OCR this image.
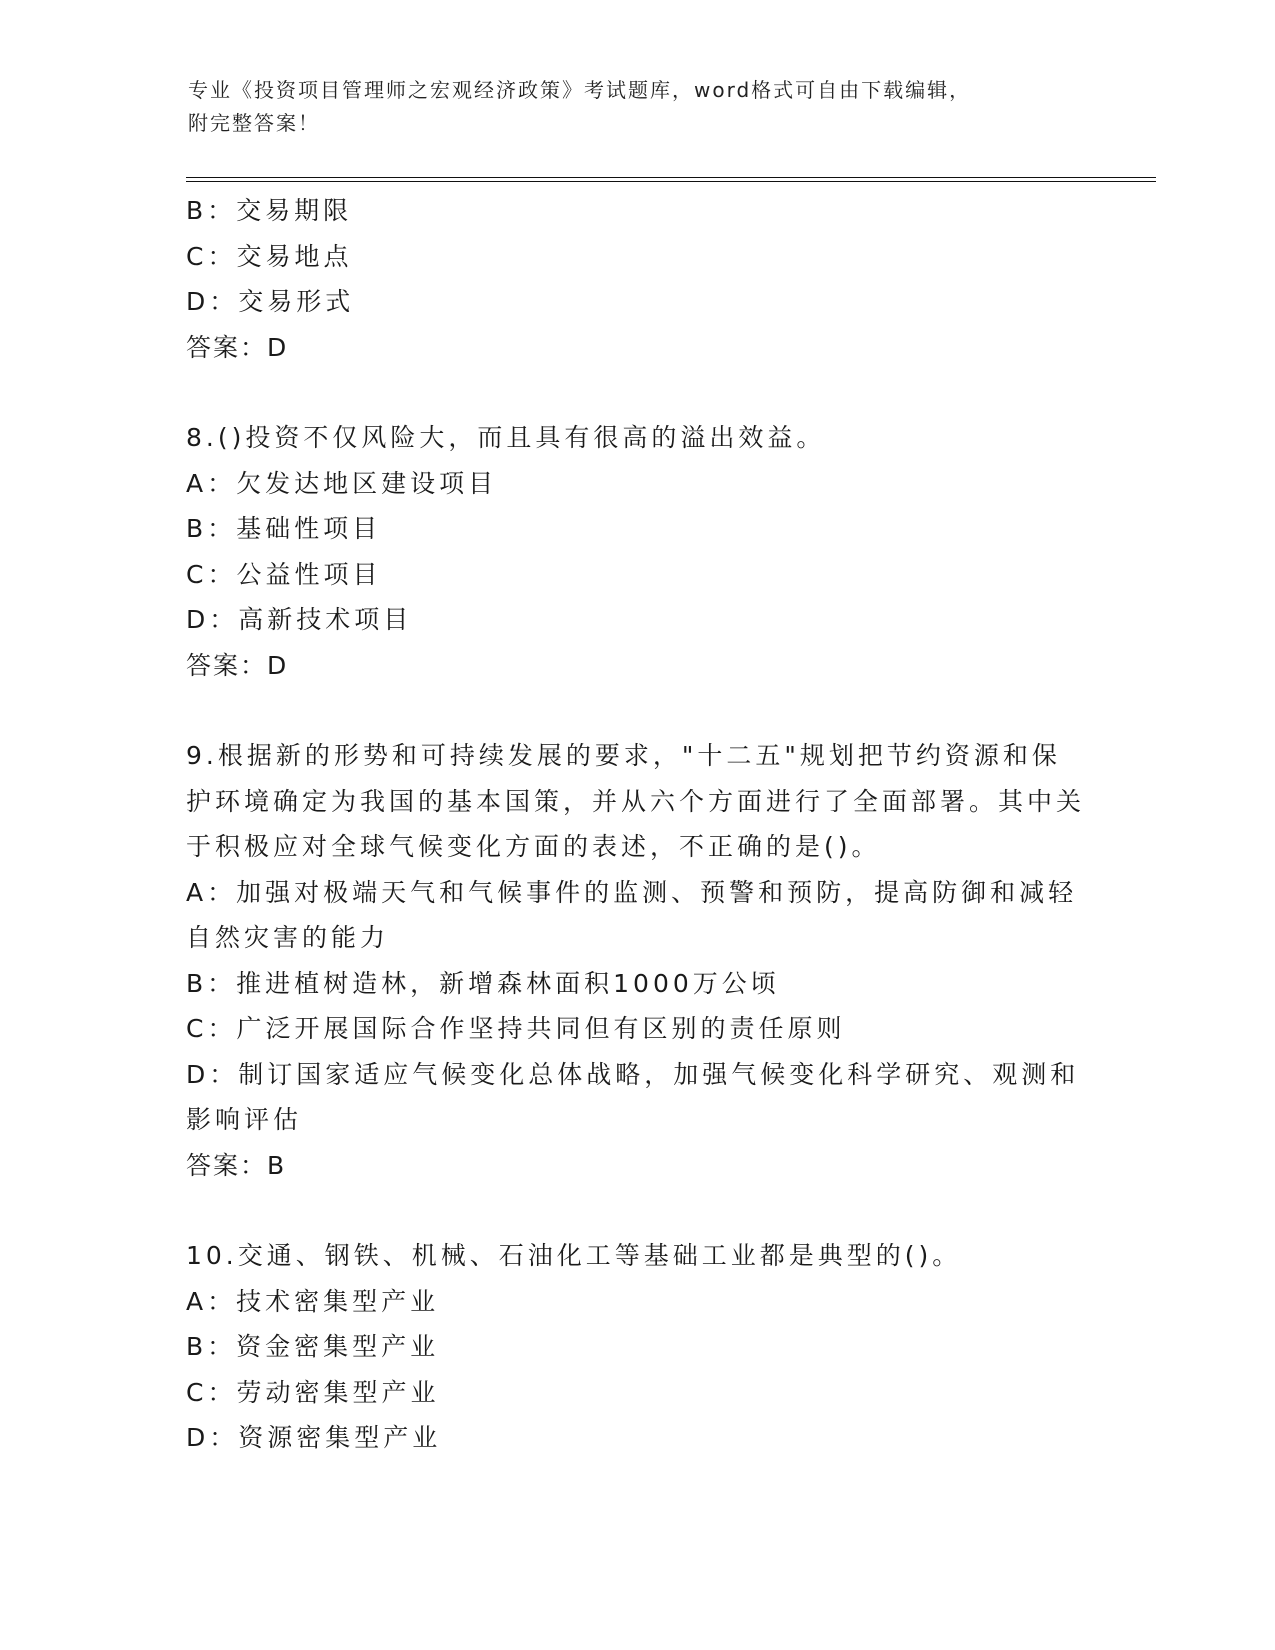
专业《投资项目管理师之宏观经济政策》考试题库，word格式可自由下载编辑，
附完整答案！

B：交易期限

C：交易地点

D：交易形式

答案：D

8.()投资不仅风险大，而且具有很高的溢出效益。

A：欠发达地区建设项目

B：基础性项目

C：公益性项目

D：高新技术项目

答案：D

9.根据新的形势和可持续发展的要求，"十二五"规划把节约资源和保护环境确定为我国的基本国策，并从六个方面进行了全面部署。其中关于积极应对全球气候变化方面的表述，不正确的是()。

A：加强对极端天气和气候事件的监测、预警和预防，提高防御和减轻自然灾害的能力

B：推进植树造林，新增森林面积1000万公顷

C：广泛开展国际合作坚持共同但有区别的责任原则

D：制订国家适应气候变化总体战略，加强气候变化科学研究、观测和影响评估

答案：B

10.交通、钢铁、机械、石油化工等基础工业都是典型的()。

A：技术密集型产业

B：资金密集型产业

C：劳动密集型产业

D：资源密集型产业
